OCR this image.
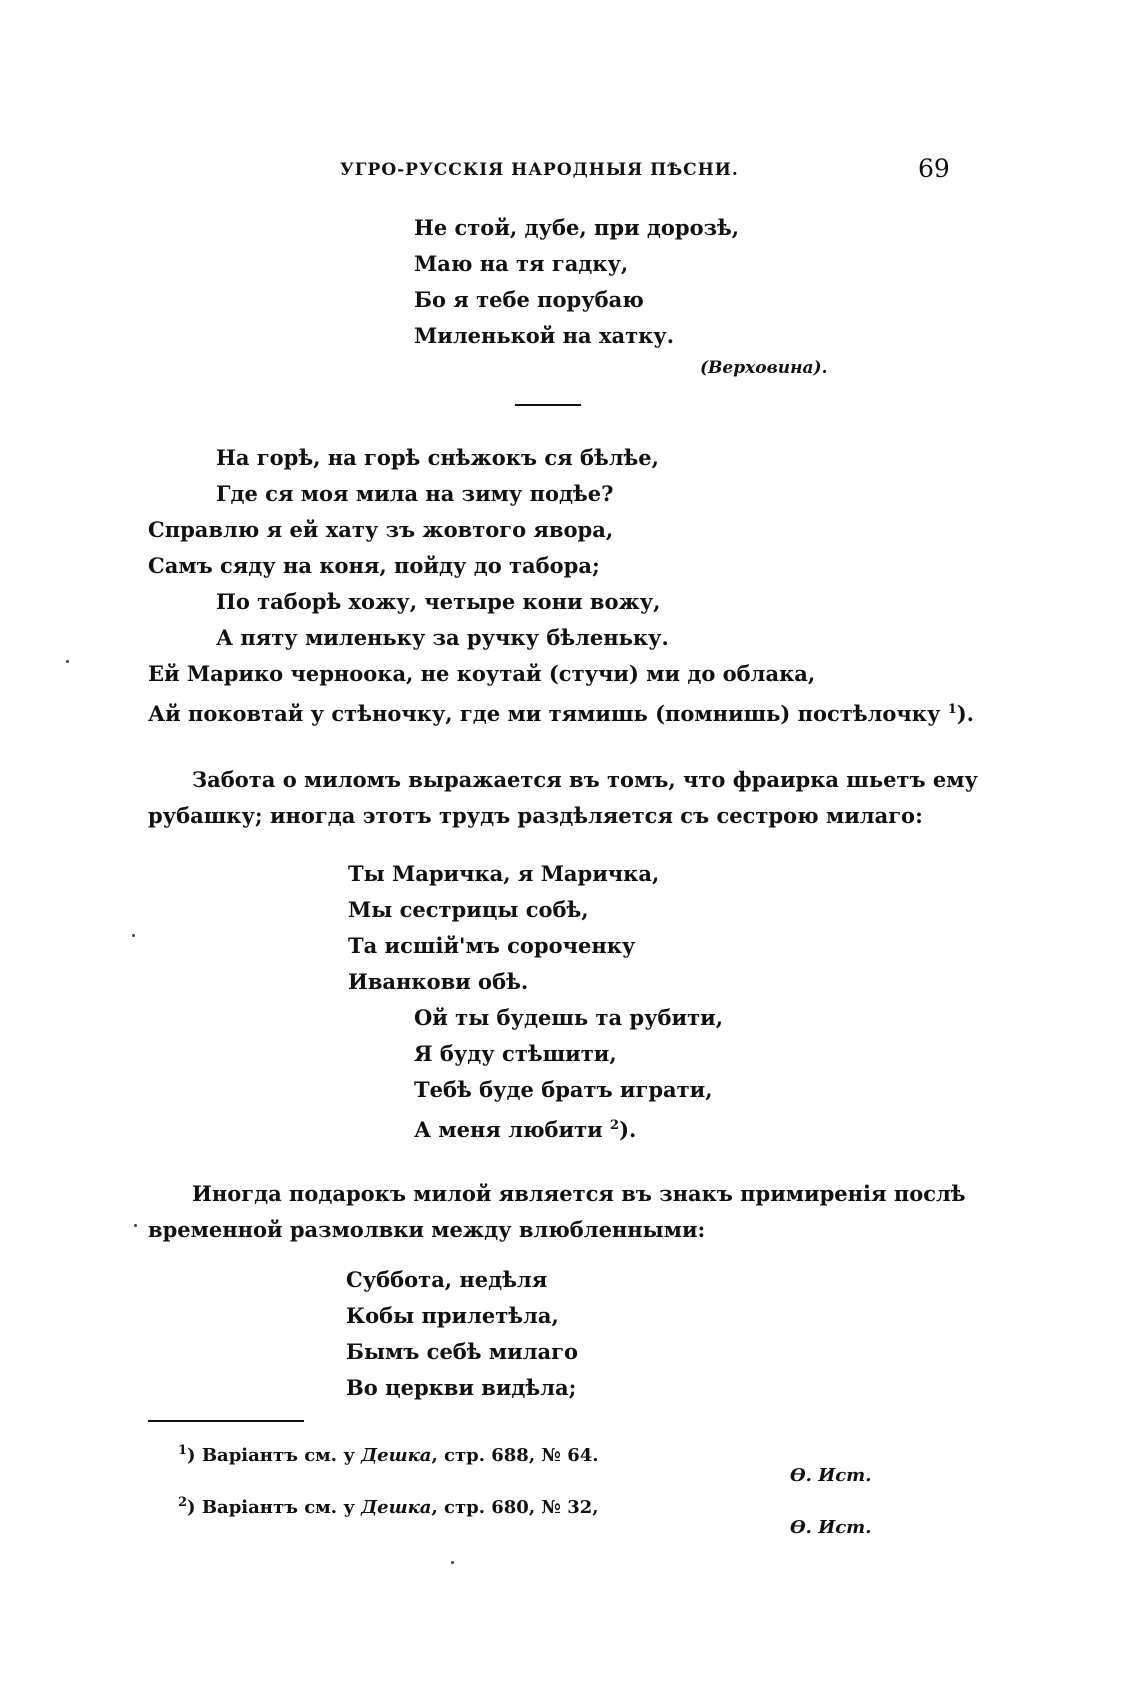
УГРО-РУССКІЯ НАРОДНЫЯ ПѢСНИ.	69
Не стой, дубе, при дорозѣ,
Маю на тя гадку,
Бо я тебе порубаю
Миленькой на хатку.
(Верховина).
На горѣ, на горѣ снѣжокъ ся бѣлѣе,
Где ся моя мила на зиму подѣе?
Справлю я ей хату зъ жовтого явора,
Самъ сяду на коня, пойду до табора;
По таборѣ хожу, четыре кони вожу,
А пяту миленьку за ручку бѣленьку.
Ей Марико черноока, не коутай (стучи) ми до облака,
Ай поковтай у стѣночку, где ми тямишь (помнишь) постѣлочку $^1$).
Забота о миломъ выражается въ томъ, что фраирка шьетъ ему
рубашку; иногда этотъ трудъ раздѣляется съ сестрою милаго:
Ты Маричка, я Маричка,
Мы сестрицы собѣ,
Та исшій'мъ сороченку
Иванкови обѣ.
Ой ты будешь та рубити,
Я буду стѣшити,
Тебѣ буде братъ играти,
А меня любити $^2$).
Иногда подарокъ милой является въ знакъ примиренія послѣ
временной размолвки между влюбленными:
Суббота, недѣля
Кобы прилетѣла,
Бымъ себѣ милаго
Во церкви видѣла;
$^1$) Варіантъ см. у Дешка, стр. 688, № 64.
Ѳ. Ист.
$^2$) Варіантъ см. у Дешка, стр. 680, № 32,
Ѳ. Ист.
